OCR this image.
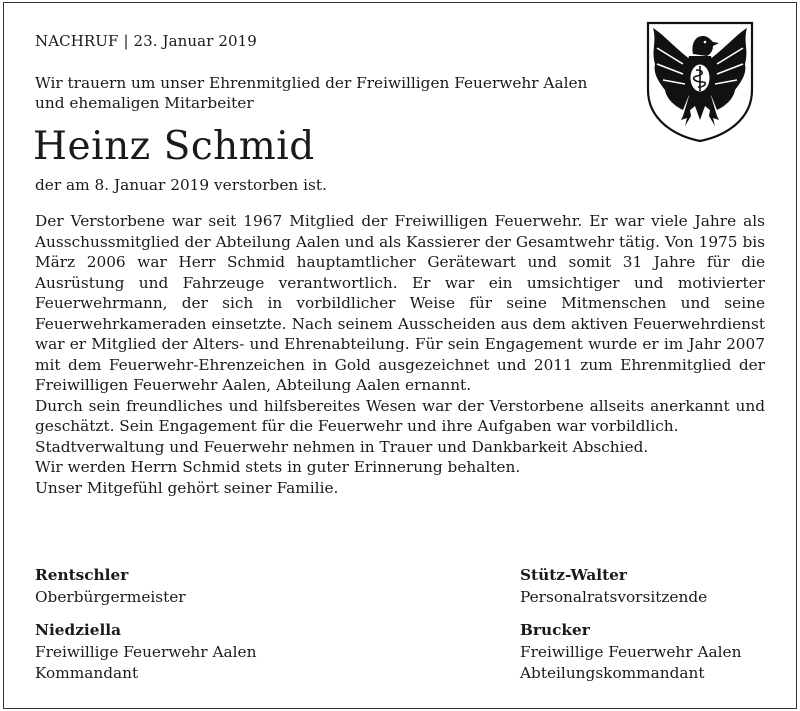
NACHRUF | 23. Januar 2019
Wir trauern um unser Ehrenmitglied der Freiwilligen Feuerwehr Aalen
und ehemaligen Mitarbeiter
Heinz Schmid
der am 8. Januar 2019 verstorben ist.

Der Verstorbene war seit 1967 Mitglied der Freiwilligen Feuerwehr. Er war viele Jahre als Ausschussmitglied der Abteilung Aalen und als Kassierer der Gesamtwehr tätig. Von 1975 bis März 2006 war Herr Schmid hauptamtlicher Gerätewart und somit 31 Jahre für die Ausrüstung und Fahrzeuge verantwortlich. Er war ein umsichtiger und motivierter Feuerwehrmann, der sich in vorbildlicher Weise für seine Mitmenschen und seine Feuerwehrkameraden einsetzte. Nach seinem Ausscheiden aus dem aktiven Feuerwehrdienst war er Mitglied der Alters- und Ehrenabteilung. Für sein Engagement wurde er im Jahr 2007 mit dem Feuerwehr-Ehrenzeichen in Gold ausgezeichnet und 2011 zum Ehrenmitglied der Freiwilligen Feuerwehr Aalen, Abteilung Aalen ernannt.

Durch sein freundliches und hilfsbereites Wesen war der Verstorbene allseits anerkannt und geschätzt. Sein Engagement für die Feuerwehr und ihre Aufgaben war vorbildlich.

Stadtverwaltung und Feuerwehr nehmen in Trauer und Dankbarkeit Abschied.

Wir werden Herrn Schmid stets in guter Erinnerung behalten.

Unser Mitgefühl gehört seiner Familie.

Rentschler
Oberbürgermeister
Stütz-Walter
Personalratsvorsitzende
Niedziella
Freiwillige Feuerwehr Aalen
Kommandant
Brucker
Freiwillige Feuerwehr Aalen
Abteilungskommandant
